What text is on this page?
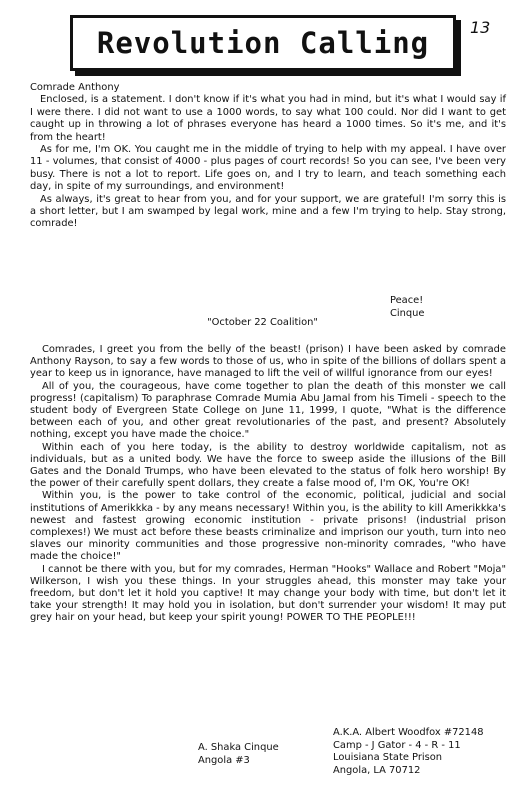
Revolution Calling	13

Comrade Anthony

Enclosed, is a statement. I don't know if it's what you had in mind, but it's what I would say if I were there. I did not want to use a 1000 words, to say what 100 could. Nor did I want to get caught up in throwing a lot of phrases everyone has heard a 1000 times. So it's me, and it's from the heart!

As for me, I'm OK. You caught me in the middle of trying to help with my appeal. I have over 11 - volumes, that consist of 4000 - plus pages of court records! So you can see, I've been very busy. There is not a lot to report. Life goes on, and I try to learn, and teach something each day, in spite of my surroundings, and environment!

As always, it's great to hear from you, and for your support, we are grateful! I'm sorry this is a short letter, but I am swamped by legal work, mine and a few I'm trying to help. Stay strong, comrade!

Peace!
Cinque
"October 22 Coalition"

Comrades, I greet you from the belly of the beast! (prison) I have been asked by comrade Anthony Rayson, to say a few words to those of us, who in spite of the billions of dollars spent a year to keep us in ignorance, have managed to lift the veil of willful ignorance from our eyes!

All of you, the courageous, have come together to plan the death of this monster we call progress! (capitalism) To paraphrase Comrade Mumia Abu Jamal from his Timeli - speech to the student body of Evergreen State College on June 11, 1999, I quote, "What is the difference between each of you, and other great revolutionaries of the past, and present? Absolutely nothing, except you have made the choice."

Within each of you here today, is the ability to destroy worldwide capitalism, not as individuals, but as a united body. We have the force to sweep aside the illusions of the Bill Gates and the Donald Trumps, who have been elevated to the status of folk hero worship! By the power of their carefully spent dollars, they create a false mood of, I'm OK, You're OK!

Within you, is the power to take control of the economic, political, judicial and social institutions of Amerikkka - by any means necessary! Within you, is the ability to kill Amerikkka's newest and fastest growing economic institution - private prisons! (industrial prison complexes!) We must act before these beasts criminalize and imprison our youth, turn into neo slaves our minority communities and those progressive non-minority comrades, "who have made the choice!"

I cannot be there with you, but for my comrades, Herman "Hooks" Wallace and Robert "Moja" Wilkerson, I wish you these things. In your struggles ahead, this monster may take your freedom, but don't let it hold you captive! It may change your body with time, but don't let it take your strength! It may hold you in isolation, but don't surrender your wisdom! It may put grey hair on your head, but keep your spirit young! POWER TO THE PEOPLE!!!

A. Shaka Cinque
Angola #3
A.K.A. Albert Woodfox #72148
Camp - J Gator - 4 - R - 11
Louisiana State Prison
Angola, LA 70712
